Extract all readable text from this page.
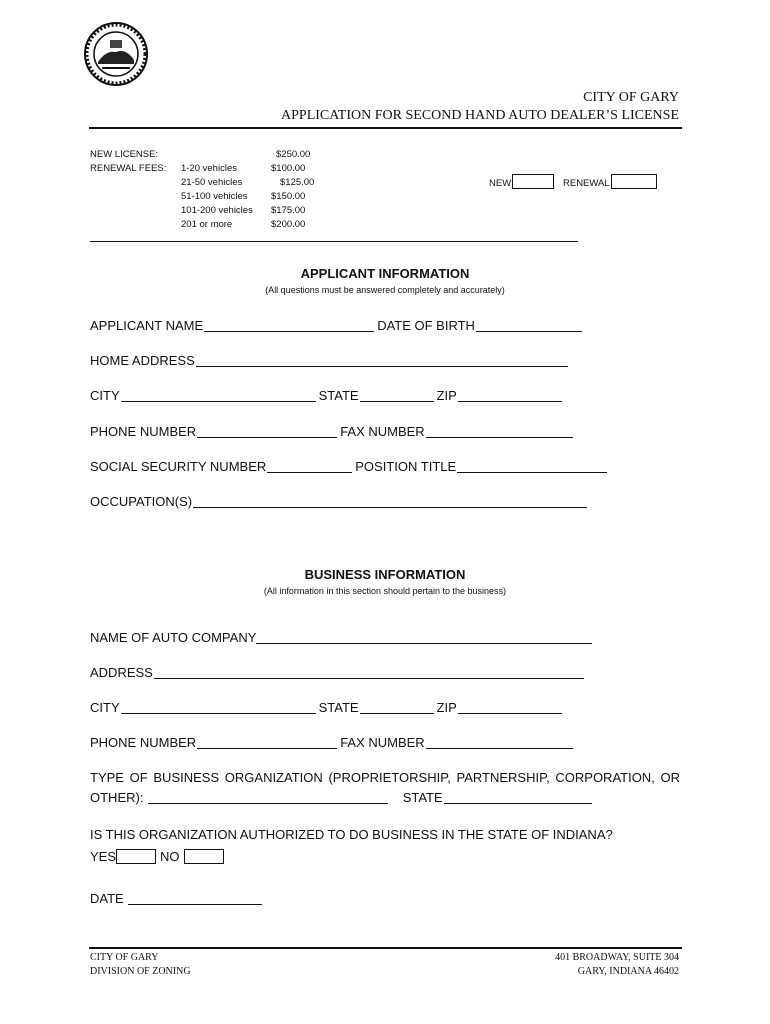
CITY OF GARY
APPLICATION FOR SECOND HAND AUTO DEALER’S LICENSE
NEW LICENSE:	$250.00
RENEWAL FEES: 1-20 vehicles	$100.00
21-50 vehicles	$125.00
51-100 vehicles $150.00
101-200 vehicles $175.00
201 or more	$200.00
NEW	RENEWAL
APPLICANT INFORMATION
(All questions must be answered completely and accurately)
APPLICANT NAME	DATE OF BIRTH
HOME ADDRESS
CITY	STATE	ZIP
PHONE NUMBER	FAX NUMBER
SOCIAL SECURITY NUMBER	POSITION TITLE
OCCUPATION(S)
BUSINESS INFORMATION
(All information in this section should pertain to the business)
NAME OF AUTO COMPANY
ADDRESS
CITY	STATE	ZIP
PHONE NUMBER	FAX NUMBER
TYPE OF BUSINESS ORGANIZATION (PROPRIETORSHIP, PARTNERSHIP, CORPORATION, OR OTHER):	STATE
IS THIS ORGANIZATION AUTHORIZED TO DO BUSINESS IN THE STATE OF INDIANA?
YES	NO
DATE
CITY OF GARY
DIVISION OF ZONING
401 BROADWAY, SUITE 304
GARY, INDIANA 46402
